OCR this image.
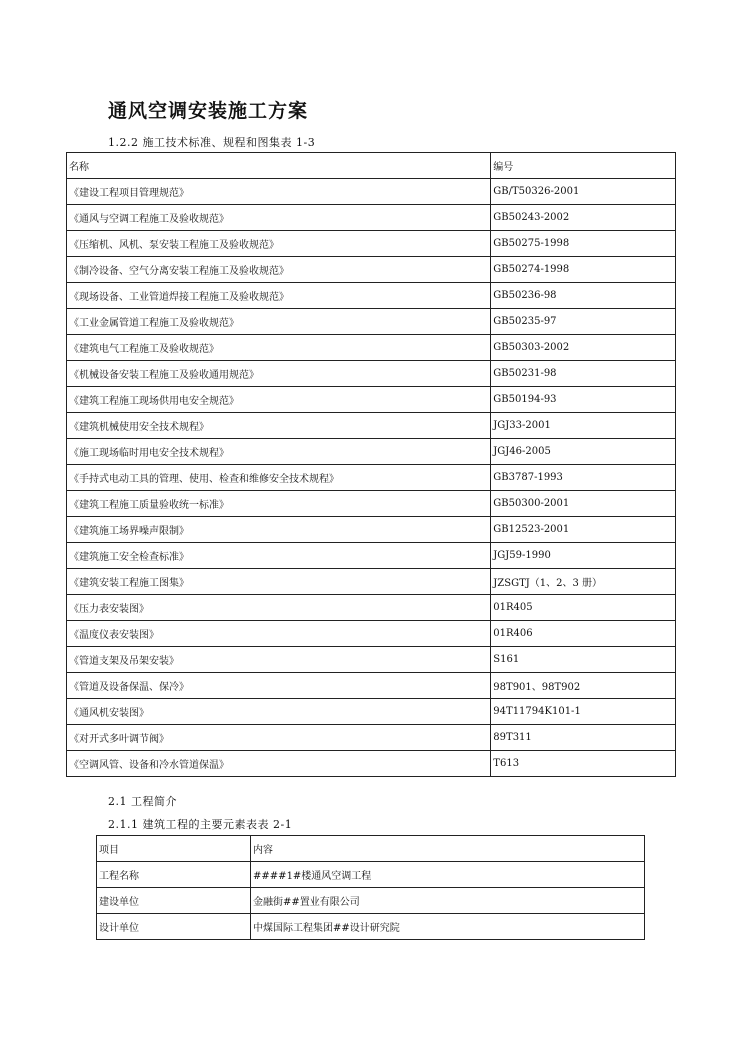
通风空调安装施工方案
1.2.2 施工技术标准、规程和图集表 1-3
名称	编号
《建设工程项目管理规范》	GB/T50326-2001
《通风与空调工程施工及验收规范》	GB50243-2002
《压缩机、风机、泵安装工程施工及验收规范》	GB50275-1998
《制冷设备、空气分离安装工程施工及验收规范》	GB50274-1998
《现场设备、工业管道焊接工程施工及验收规范》	GB50236-98
《工业金属管道工程施工及验收规范》	GB50235-97
《建筑电气工程施工及验收规范》	GB50303-2002
《机械设备安装工程施工及验收通用规范》	GB50231-98
《建筑工程施工现场供用电安全规范》	GB50194-93
《建筑机械使用安全技术规程》	JGJ33-2001
《施工现场临时用电安全技术规程》	JGJ46-2005
《手持式电动工具的管理、使用、检查和维修安全技术规程》	GB3787-1993
《建筑工程施工质量验收统一标准》	GB50300-2001
《建筑施工场界噪声限制》	GB12523-2001
《建筑施工安全检查标准》	JGJ59-1990
《建筑安装工程施工图集》	JZSGTJ（1、2、3 册）
《压力表安装图》	01R405
《温度仪表安装图》	01R406
《管道支架及吊架安装》	S161
《管道及设备保温、保冷》	98T901、98T902
《通风机安装图》	94T11794K101-1
《对开式多叶调节阀》	89T311
《空调风管、设备和冷水管道保温》	T613
2.1 工程简介
2.1.1 建筑工程的主要元素表表 2-1
项目	内容
工程名称	####1#楼通风空调工程
建设单位	金融街##置业有限公司
设计单位	中煤国际工程集团##设计研究院
